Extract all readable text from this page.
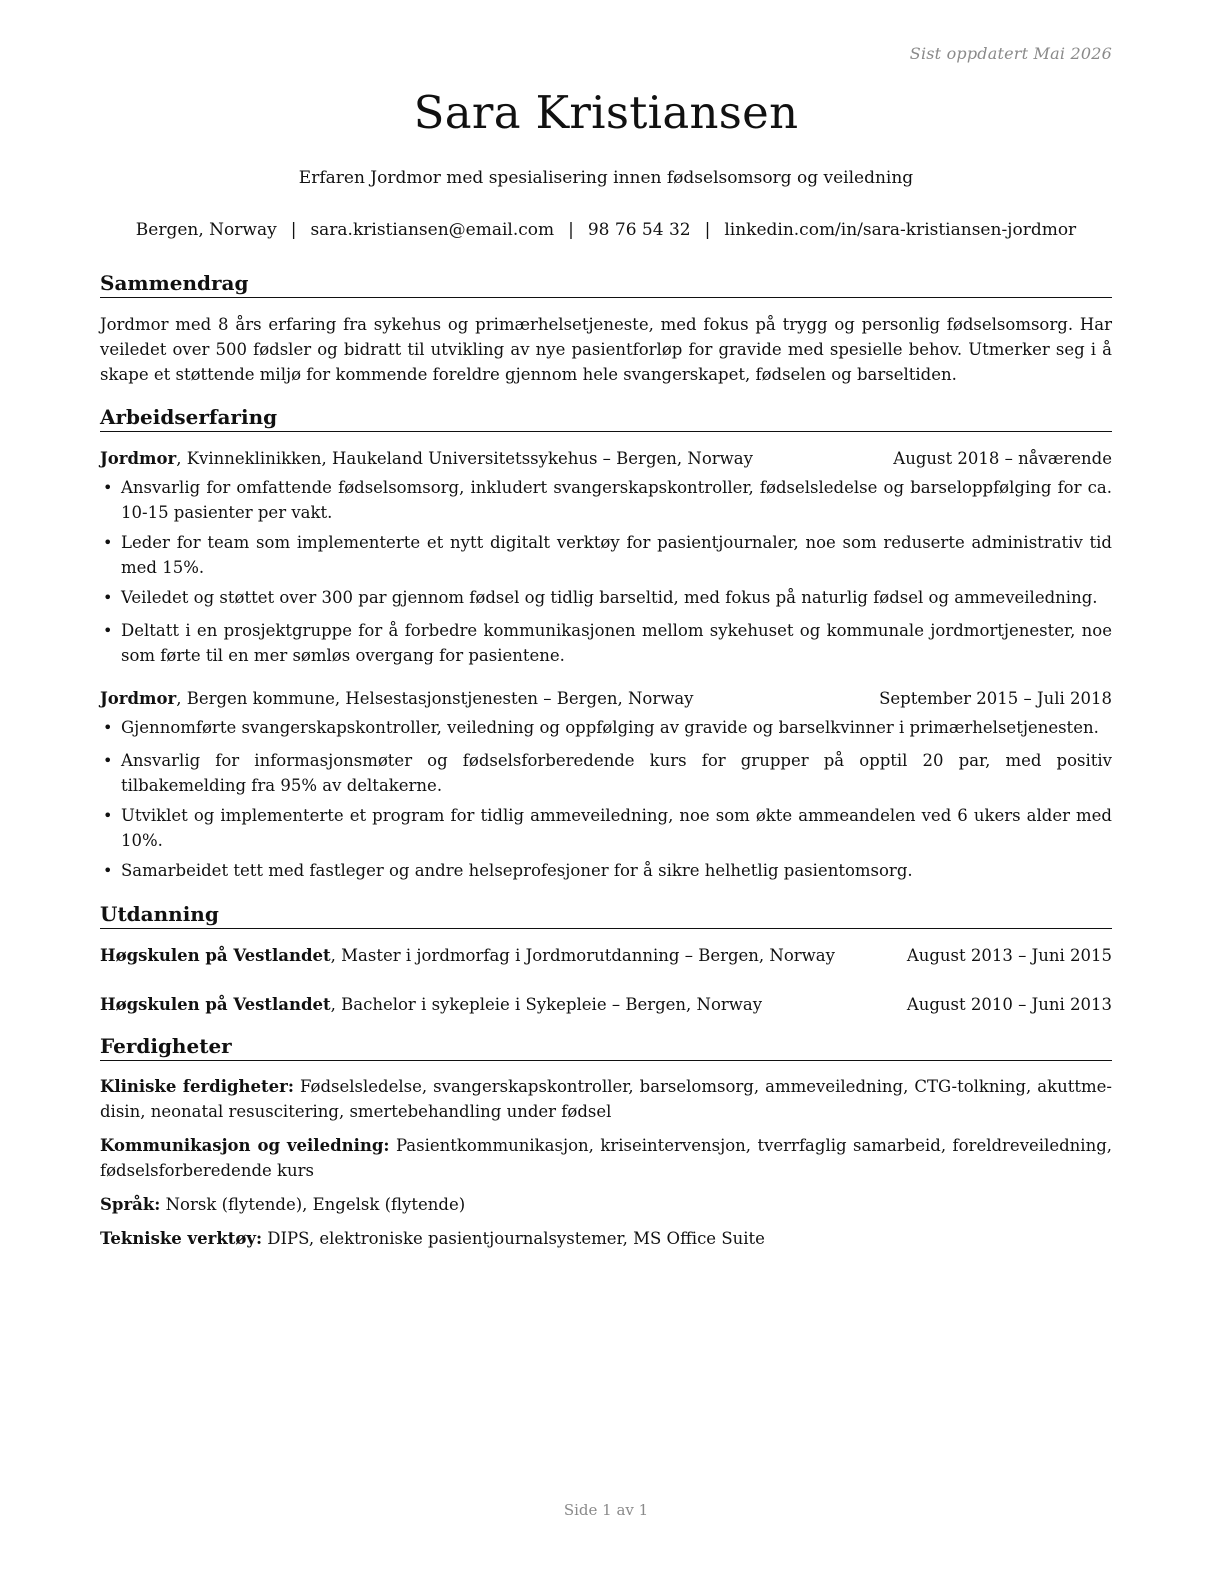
Sist oppdatert Mai 2026
Sara Kristiansen
Erfaren Jordmor med spesialisering innen fødselsomsorg og veiledning
Bergen, Norway | sara.kristiansen@email.com | 98 76 54 32 | linkedin.com/in/sara-kristiansen-jordmor
Sammendrag

Jordmor med 8 års erfaring fra sykehus og primærhelsetjeneste, med fokus på trygg og personlig fødselsomsorg. Har veiledet over 500 fødsler og bidratt til utvikling av nye pasientforløp for gravide med spesielle behov. Utmerker seg i å skape et støttende miljø for kommende foreldre gjennom hele svangerskapet, fødselen og barseltiden.

Arbeidserfaring
Jordmor, Kvinneklinikken, Haukeland Universitetssykehus – Bergen, Norway	August 2018 – nåværende
• Ansvarlig for omfattende fødselsomsorg, inkludert svangerskapskontroller, fødselsledelse og barseloppfølging for ca. 10-15 pasienter per vakt.
• Leder for team som implementerte et nytt digitalt verktøy for pasientjournaler, noe som reduserte administrativ tid med 15%.
• Veiledet og støttet over 300 par gjennom fødsel og tidlig barseltid, med fokus på naturlig fødsel og ammeveiledning.
• Deltatt i en prosjektgruppe for å forbedre kommunikasjonen mellom sykehuset og kommunale jordmortjenester, noe som førte til en mer sømløs overgang for pasientene.
Jordmor, Bergen kommune, Helsestasjonstjenesten – Bergen, Norway	September 2015 – Juli 2018
• Gjennomførte svangerskapskontroller, veiledning og oppfølging av gravide og barselkvinner i primærhelsetjenesten.
• Ansvarlig for informasjonsmøter og fødselsforberedende kurs for grupper på opptil 20 par, med positiv tilbakemelding fra 95% av deltakerne.
• Utviklet og implementerte et program for tidlig ammeveiledning, noe som økte ammeandelen ved 6 ukers alder med 10%.
• Samarbeidet tett med fastleger og andre helseprofesjoner for å sikre helhetlig pasientomsorg.
Utdanning
Høgskulen på Vestlandet, Master i jordmorfag i Jordmorutdanning – Bergen, Norway	August 2013 – Juni 2015
Høgskulen på Vestlandet, Bachelor i sykepleie i Sykepleie – Bergen, Norway	August 2010 – Juni 2013
Ferdigheter

Kliniske ferdigheter: Fødselsledelse, svangerskapskontroller, barselomsorg, ammeveiledning, CTG-tolkning, akuttmedisin, neonatal resuscitering, smertebehandling under fødsel

Kommunikasjon og veiledning: Pasientkommunikasjon, kriseintervensjon, tverrfaglig samarbeid, foreldreveiledning, fødselsforberedende kurs

Språk: Norsk (flytende), Engelsk (flytende)

Tekniske verktøy: DIPS, elektroniske pasientjournalsystemer, MS Office Suite

Side 1 av 1
